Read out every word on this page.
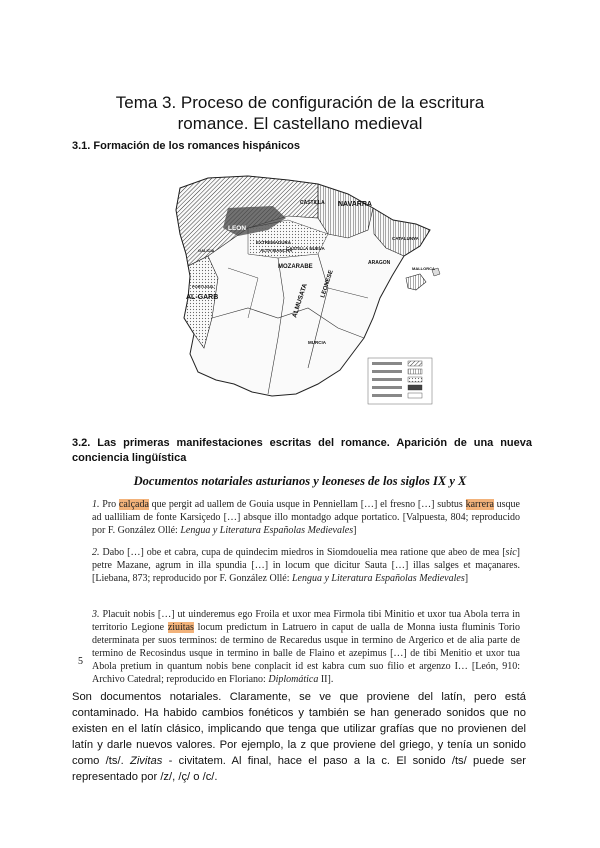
Tema 3. Proceso de configuración de la escritura
romance. El castellano medieval
3.1. Formación de los romances hispánicos
NAVARRA
LEON
CASTILLA
CATALUNYA
EXTREMADURA
CASTILLA NUEVA
ALTA MANCHA
MOZARABE
AL-GARB
ARAGON
MALLORCA
GALICIA
PORTUGAL
MURCIA
ALMUSATA LEONESE
3.2. Las primeras manifestaciones escritas del romance. Aparición de una nueva conciencia lingüística
Documentos notariales asturianos y leoneses de los siglos IX y X
1. Pro calçada que pergit ad uallem de Gouia usque in Penniellam […] el fresno […] subtus karrera usque ad ualliliam de fonte Karsiçedo […] absque illo montadgo adque portatico. [Valpuesta, 804; reproducido por F. González Ollé: Lengua y Literatura Españolas Medievales]
2. Dabo […] obe et cabra, cupa de quindecim miedros in Siomdouelia mea ratione que abeo de mea [sic] petre Mazane, agrum in illa spundia […] in locum que dicitur Sauta […] illas salges et maçanares. [Liebana, 873; reproducido por F. González Ollé: Lengua y Literatura Españolas Medievales]
3. Placuit nobis […] ut uinderemus ego Froila et uxor mea Firmola tibi Minitio et uxor tua Abola terra in territorio Legione ziuitas locum predictum in Latruero in caput de ualla de Monna iusta fluminis Torio determinata per suos terminos: de termino de Recaredus usque in termino de Argerico et de alia parte de termino de Recosindus usque in termino in balle de Flaino et azepimus […] de tibi Menitio et uxor tua Abola pretium in quantum nobis bene conplacit id est kabra cum suo filio et argenzo I… [León, 910: Archivo Catedral; reproducido en Floriano: Diplomática II].
5
Son documentos notariales. Claramente, se ve que proviene del latín, pero está contaminado. Ha habido cambios fonéticos y también se han generado sonidos que no existen en el latín clásico, implicando que tenga que utilizar grafías que no provienen del latín y darle nuevos valores. Por ejemplo, la z que proviene del griego, y tenía un sonido como /ts/. Zivitas - civitatem. Al final, hace el paso a la c. El sonido /ts/ puede ser representado por /z/, /ç/ o /c/.
